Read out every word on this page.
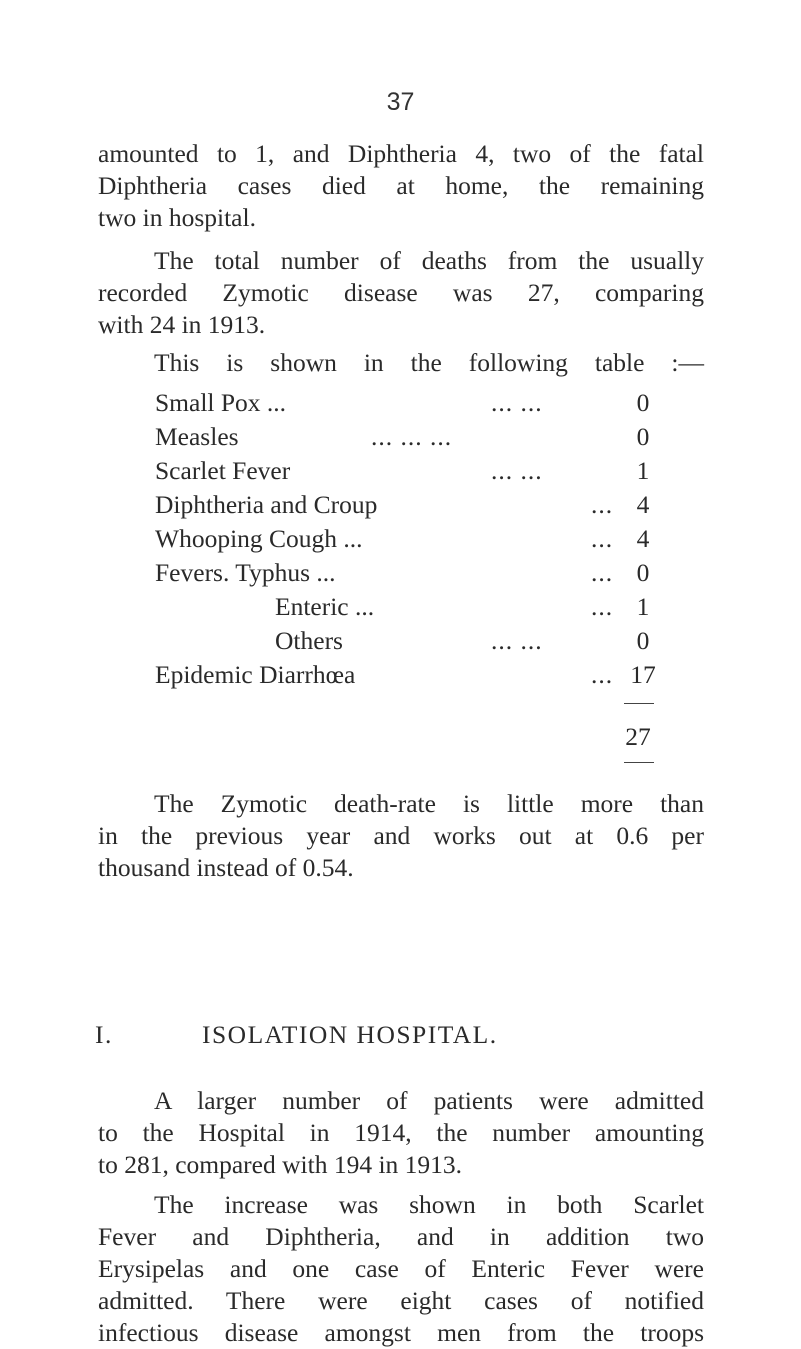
37

amounted to 1, and Diphtheria 4, two of the fatal
Diphtheria cases died at home, the remaining
two in hospital.

The total number of deaths from the usually
recorded Zymotic disease was 27, comparing
with 24 in 1913.

This is shown in the following table :—

Small Pox ...	... ...	0
Measles	... ... ...	0
Scarlet Fever	... ...	1
Diphtheria and Croup	... 4
Whooping Cough ...	... 4
Fevers. Typhus ...	... 0
Enteric ...	... 1
Others	... ...	0
Epidemic Diarrhœa	... 17
27

The Zymotic death-rate is little more than
in the previous year and works out at 0.6 per
thousand instead of 0.54.

I.	ISOLATION HOSPITAL.

A larger number of patients were admitted
to the Hospital in 1914, the number amounting
to 281, compared with 194 in 1913.

The increase was shown in both Scarlet
Fever and Diphtheria, and in addition two
Erysipelas and one case of Enteric Fever were
admitted. There were eight cases of notified
infectious disease amongst men from the troops
